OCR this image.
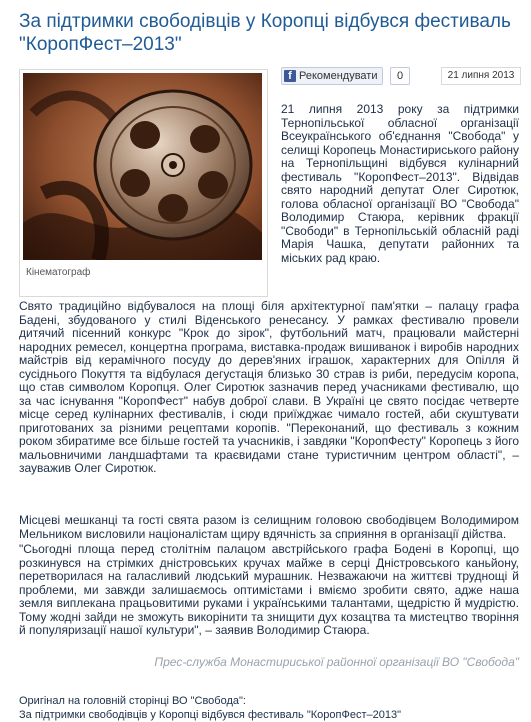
За підтримки свободівців у Коропці відбувся фестиваль "КоропФест–2013"

Кінематограф

f Рекомендувати	0	21 липня 2013

21 липня 2013 року за підтримки Тернопільської обласної організації Всеукраїнського об'єднання "Свобода" у селищі Коропець Монастириського району на Тернопільщині відбувся кулінарний фестиваль "КоропФест–2013". Відвідав свято народний депутат Олег Сиротюк, голова обласної організації ВО "Свобода" Володимир Стаюра, керівник фракції "Свободи" в Тернопільській обласній раді Марія Чашка, депутати районних та міських рад краю.

Свято традиційно відбувалося на площі біля архітектурної пам'ятки – палацу графа Бадені, збудованого у стилі Віденського ренесансу. У рамках фестивалю провели дитячий пісенний конкурс "Крок до зірок", футбольний матч, працювали майстерні народних ремесел, концертна програма, виставка-продаж вишиванок і виробів народних майстрів від керамічного посуду до дерев'яних іграшок, характерних для Опілля й сусіднього Покуття та відбулася дегустація близько 30 страв із риби, передусім коропа, що став символом Коропця. Олег Сиротюк зазначив перед учасниками фестивалю, що за час існування "КоропФест" набув доброї слави. В Україні це свято посідає четверте місце серед кулінарних фестивалів, і сюди приїжджає чимало гостей, аби скуштувати приготованих за різними рецептами коропів. "Переконаний, що фестиваль з кожним роком збиратиме все більше гостей та учасників, і завдяки "КоропФесту" Коропець з його мальовничими ландшафтами та краєвидами стане туристичним центром області", – зауважив Олег Сиротюк.

Місцеві мешканці та гості свята разом із селищним головою свободівцем Володимиром Мельником висловили націоналістам щиру вдячність за сприяння в організації дійства.

"Сьогодні площа перед столітнім палацом австрійського графа Бодені в Коропці, що розкинувся на стрімких дністровських кручах майже в серці Дністровського каньйону, перетворилася на галасливий людський мурашник. Незважаючи на життєві труднощі й проблеми, ми завжди залишаємось оптимістами і вміємо зробити свято, адже наша земля виплекана працьовитими руками і українськими талантами, щедрістю й мудрістю. Тому жодні зайди не зможуть викорінити та знищити дух козацтва та мистецтво творіння й популяризації нашої культури", – заявив Володимир Стаюра.

Прес-служба Монастириської районної організації ВО "Свобода"

Оригінал на головній сторінці ВО "Свобода":

За підтримки свободівців у Коропці відбувся фестиваль "КоропФест–2013"
